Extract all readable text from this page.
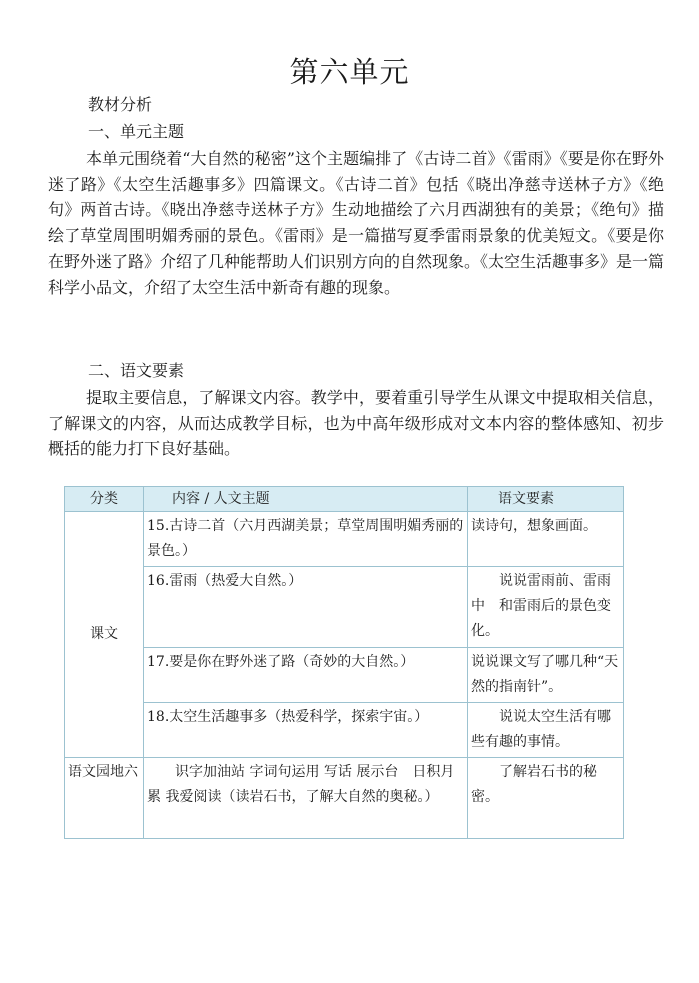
第六单元

教材分析

一、单元主题

本单元围绕着“大自然的秘密”这个主题编排了《古诗二首》《雷雨》《要是你在野外迷了路》《太空生活趣事多》四篇课文。《古诗二首》包括《晓出净慈寺送林子方》《绝句》两首古诗。《晓出净慈寺送林子方》生动地描绘了六月西湖独有的美景；《绝句》描绘了草堂周围明媚秀丽的景色。《雷雨》是一篇描写夏季雷雨景象的优美短文。《要是你在野外迷了路》介绍了几种能帮助人们识别方向的自然现象。《太空生活趣事多》是一篇科学小品文，介绍了太空生活中新奇有趣的现象。

二、语文要素

提取主要信息，了解课文内容。教学中，要着重引导学生从课文中提取相关信息，了解课文的内容，从而达成教学目标，也为中高年级形成对文本内容的整体感知、初步概括的能力打下良好基础。

分类	内容 / 人文主题	语文要素
课文	15.古诗二首（六月西湖美景；草堂周围明媚秀丽的景色。）	读诗句，想象画面。
	16.雷雨（热爱大自然。）	说说雷雨前、雷雨中　和雷雨后的景色变化。
	17.要是你在野外迷了路（奇妙的大自然。）	说说课文写了哪几种“天然的指南针”。
	18.太空生活趣事多（热爱科学，探索宇宙。）	说说太空生活有哪些有趣的事情。
语文园地六	识字加油站 字词句运用 写话 展示台　日积月累 我爱阅读（读岩石书，了解大自然的奥秘。）	了解岩石书的秘密。
